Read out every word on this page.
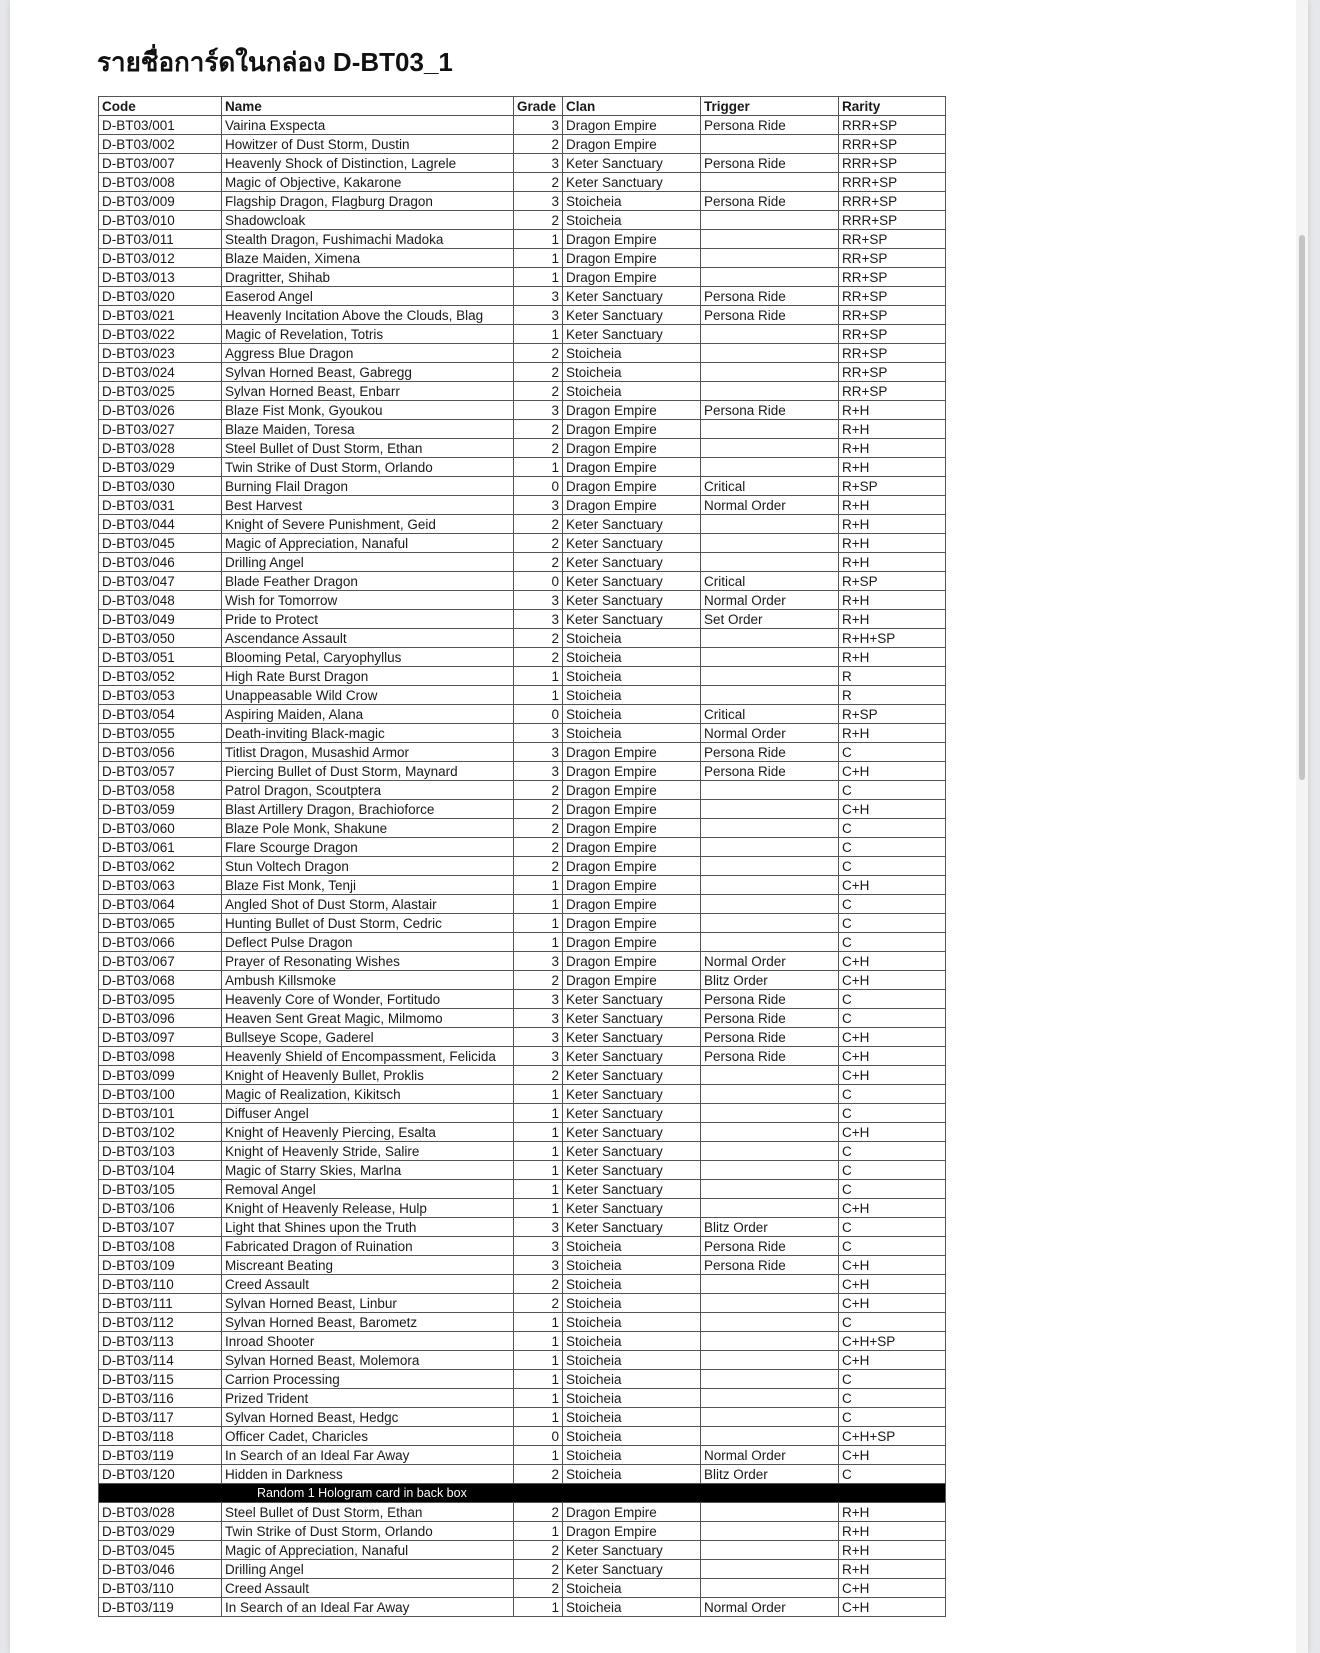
รายชื่อการ์ดในกล่อง D-BT03_1
Code	Name	Grade	Clan	Trigger	Rarity
D-BT03/001	Vairina Exspecta	3	Dragon Empire	Persona Ride	RRR+SP
D-BT03/002	Howitzer of Dust Storm, Dustin	2	Dragon Empire		RRR+SP
D-BT03/007	Heavenly Shock of Distinction, Lagrele	3	Keter Sanctuary	Persona Ride	RRR+SP
D-BT03/008	Magic of Objective, Kakarone	2	Keter Sanctuary		RRR+SP
D-BT03/009	Flagship Dragon, Flagburg Dragon	3	Stoicheia	Persona Ride	RRR+SP
D-BT03/010	Shadowcloak	2	Stoicheia		RRR+SP
D-BT03/011	Stealth Dragon, Fushimachi Madoka	1	Dragon Empire		RR+SP
D-BT03/012	Blaze Maiden, Ximena	1	Dragon Empire		RR+SP
D-BT03/013	Dragritter, Shihab	1	Dragon Empire		RR+SP
D-BT03/020	Easerod Angel	3	Keter Sanctuary	Persona Ride	RR+SP
D-BT03/021	Heavenly Incitation Above the Clouds, Blag	3	Keter Sanctuary	Persona Ride	RR+SP
D-BT03/022	Magic of Revelation, Totris	1	Keter Sanctuary		RR+SP
D-BT03/023	Aggress Blue Dragon	2	Stoicheia		RR+SP
D-BT03/024	Sylvan Horned Beast, Gabregg	2	Stoicheia		RR+SP
D-BT03/025	Sylvan Horned Beast, Enbarr	2	Stoicheia		RR+SP
D-BT03/026	Blaze Fist Monk, Gyoukou	3	Dragon Empire	Persona Ride	R+H
D-BT03/027	Blaze Maiden, Toresa	2	Dragon Empire		R+H
D-BT03/028	Steel Bullet of Dust Storm, Ethan	2	Dragon Empire		R+H
D-BT03/029	Twin Strike of Dust Storm, Orlando	1	Dragon Empire		R+H
D-BT03/030	Burning Flail Dragon	0	Dragon Empire	Critical	R+SP
D-BT03/031	Best Harvest	3	Dragon Empire	Normal Order	R+H
D-BT03/044	Knight of Severe Punishment, Geid	2	Keter Sanctuary		R+H
D-BT03/045	Magic of Appreciation, Nanaful	2	Keter Sanctuary		R+H
D-BT03/046	Drilling Angel	2	Keter Sanctuary		R+H
D-BT03/047	Blade Feather Dragon	0	Keter Sanctuary	Critical	R+SP
D-BT03/048	Wish for Tomorrow	3	Keter Sanctuary	Normal Order	R+H
D-BT03/049	Pride to Protect	3	Keter Sanctuary	Set Order	R+H
D-BT03/050	Ascendance Assault	2	Stoicheia		R+H+SP
D-BT03/051	Blooming Petal, Caryophyllus	2	Stoicheia		R+H
D-BT03/052	High Rate Burst Dragon	1	Stoicheia		R
D-BT03/053	Unappeasable Wild Crow	1	Stoicheia		R
D-BT03/054	Aspiring Maiden, Alana	0	Stoicheia	Critical	R+SP
D-BT03/055	Death-inviting Black-magic	3	Stoicheia	Normal Order	R+H
D-BT03/056	Titlist Dragon, Musashid Armor	3	Dragon Empire	Persona Ride	C
D-BT03/057	Piercing Bullet of Dust Storm, Maynard	3	Dragon Empire	Persona Ride	C+H
D-BT03/058	Patrol Dragon, Scoutptera	2	Dragon Empire		C
D-BT03/059	Blast Artillery Dragon, Brachioforce	2	Dragon Empire		C+H
D-BT03/060	Blaze Pole Monk, Shakune	2	Dragon Empire		C
D-BT03/061	Flare Scourge Dragon	2	Dragon Empire		C
D-BT03/062	Stun Voltech Dragon	2	Dragon Empire		C
D-BT03/063	Blaze Fist Monk, Tenji	1	Dragon Empire		C+H
D-BT03/064	Angled Shot of Dust Storm, Alastair	1	Dragon Empire		C
D-BT03/065	Hunting Bullet of Dust Storm, Cedric	1	Dragon Empire		C
D-BT03/066	Deflect Pulse Dragon	1	Dragon Empire		C
D-BT03/067	Prayer of Resonating Wishes	3	Dragon Empire	Normal Order	C+H
D-BT03/068	Ambush Killsmoke	2	Dragon Empire	Blitz Order	C+H
D-BT03/095	Heavenly Core of Wonder, Fortitudo	3	Keter Sanctuary	Persona Ride	C
D-BT03/096	Heaven Sent Great Magic, Milmomo	3	Keter Sanctuary	Persona Ride	C
D-BT03/097	Bullseye Scope, Gaderel	3	Keter Sanctuary	Persona Ride	C+H
D-BT03/098	Heavenly Shield of Encompassment, Felicida	3	Keter Sanctuary	Persona Ride	C+H
D-BT03/099	Knight of Heavenly Bullet, Proklis	2	Keter Sanctuary		C+H
D-BT03/100	Magic of Realization, Kikitsch	1	Keter Sanctuary		C
D-BT03/101	Diffuser Angel	1	Keter Sanctuary		C
D-BT03/102	Knight of Heavenly Piercing, Esalta	1	Keter Sanctuary		C+H
D-BT03/103	Knight of Heavenly Stride, Salire	1	Keter Sanctuary		C
D-BT03/104	Magic of Starry Skies, Marlna	1	Keter Sanctuary		C
D-BT03/105	Removal Angel	1	Keter Sanctuary		C
D-BT03/106	Knight of Heavenly Release, Hulp	1	Keter Sanctuary		C+H
D-BT03/107	Light that Shines upon the Truth	3	Keter Sanctuary	Blitz Order	C
D-BT03/108	Fabricated Dragon of Ruination	3	Stoicheia	Persona Ride	C
D-BT03/109	Miscreant Beating	3	Stoicheia	Persona Ride	C+H
D-BT03/110	Creed Assault	2	Stoicheia		C+H
D-BT03/111	Sylvan Horned Beast, Linbur	2	Stoicheia		C+H
D-BT03/112	Sylvan Horned Beast, Barometz	1	Stoicheia		C
D-BT03/113	Inroad Shooter	1	Stoicheia		C+H+SP
D-BT03/114	Sylvan Horned Beast, Molemora	1	Stoicheia		C+H
D-BT03/115	Carrion Processing	1	Stoicheia		C
D-BT03/116	Prized Trident	1	Stoicheia		C
D-BT03/117	Sylvan Horned Beast, Hedgc	1	Stoicheia		C
D-BT03/118	Officer Cadet, Charicles	0	Stoicheia		C+H+SP
D-BT03/119	In Search of an Ideal Far Away	1	Stoicheia	Normal Order	C+H
D-BT03/120	Hidden in Darkness	2	Stoicheia	Blitz Order	C
Random 1 Hologram card in back box					
D-BT03/028	Steel Bullet of Dust Storm, Ethan	2	Dragon Empire		R+H
D-BT03/029	Twin Strike of Dust Storm, Orlando	1	Dragon Empire		R+H
D-BT03/045	Magic of Appreciation, Nanaful	2	Keter Sanctuary		R+H
D-BT03/046	Drilling Angel	2	Keter Sanctuary		R+H
D-BT03/110	Creed Assault	2	Stoicheia		C+H
D-BT03/119	In Search of an Ideal Far Away	1	Stoicheia	Normal Order	C+H
